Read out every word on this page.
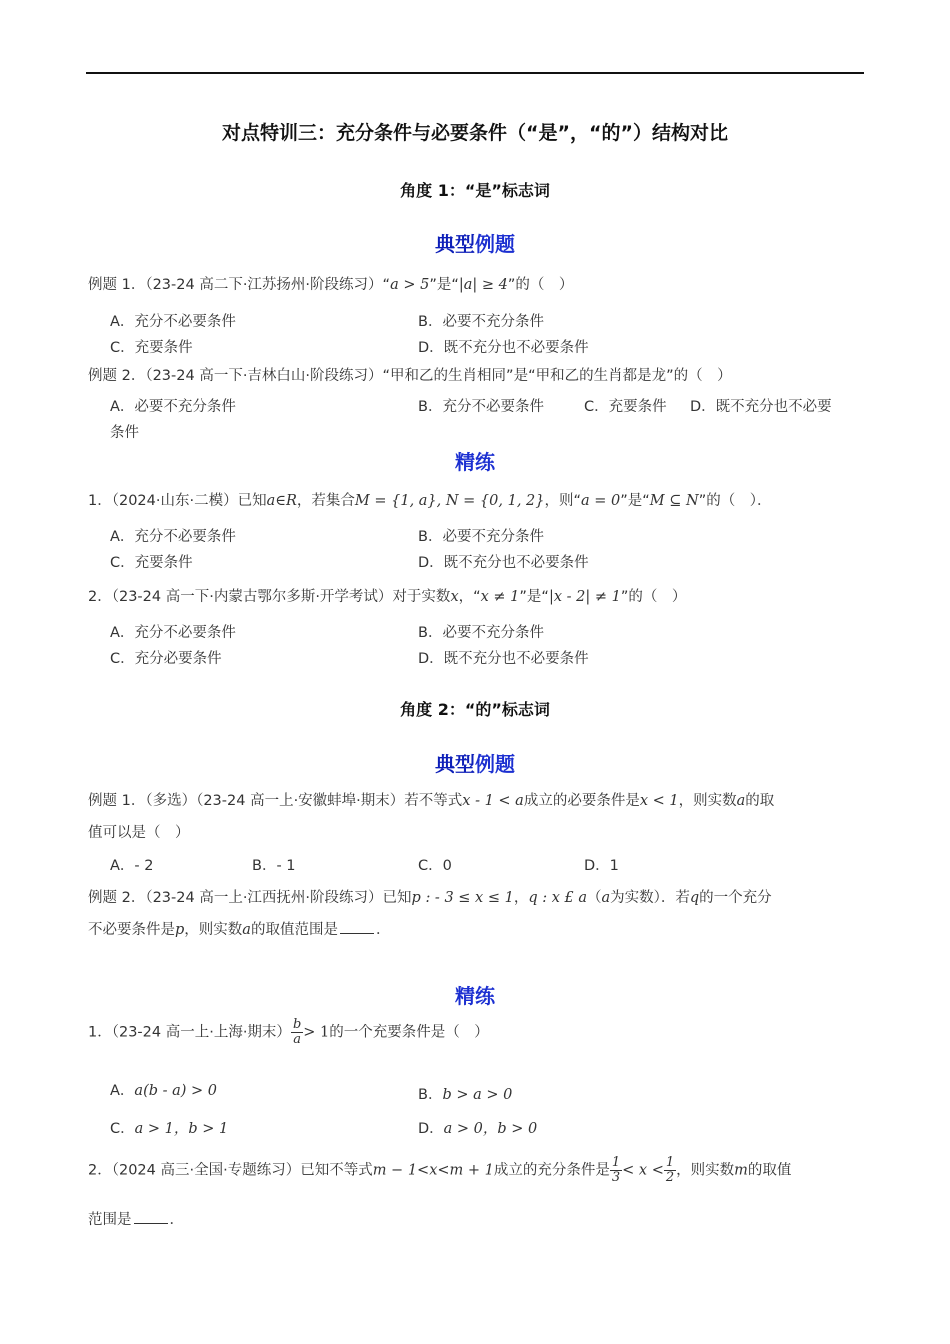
对点特训三：充分条件与必要条件（“是”，“的”）结构对比
角度 1：“是”标志词
典型例题
例题 1．（23-24 高二下·江苏扬州·阶段练习）“a > 5”是“|a| ≥ 4”的（　）
A．充分不必要条件	B．必要不充分条件
C．充要条件	D．既不充分也不必要条件
例题 2．（23-24 高一下·吉林白山·阶段练习）“甲和乙的生肖相同”是“甲和乙的生肖都是龙”的（　）
A．必要不充分条件	B．充分不必要条件	C．充要条件 D．既不充分也不必要
条件
精练
1．（2024·山东·二模）已知a∈R，若集合M = {1, a}, N = {0, 1, 2}，则“a = 0”是“M ⊆ N”的（　）．
A．充分不必要条件	B．必要不充分条件
C．充要条件	D．既不充分也不必要条件
2．（23-24 高一下·内蒙古鄂尔多斯·开学考试）对于实数x，“x ≠ 1”是“|x - 2| ≠ 1”的（　）
A．充分不必要条件	B．必要不充分条件
C．充分必要条件	D．既不充分也不必要条件
角度 2：“的”标志词
典型例题
例题 1．（多选）（23-24 高一上·安徽蚌埠·期末）若不等式x - 1 < a成立的必要条件是x < 1，则实数a的取
值可以是（　）
A．- 2	B．- 1	C．0	D．1
例题 2．（23-24 高一上·江西抚州·阶段练习）已知p : - 3 ≤ x ≤ 1，q : x £ a（a为实数）．若q的一个充分
不必要条件是p，则实数a的取值范围是	．
精练
1．（23-24 高一上·上海·期末） $\frac{b}{a} > 1$的一个充要条件是（　）
A．a(b - a) > 0	B．b > a > 0
C．a > 1，b > 1	D．a > 0，b > 0
2．（2024 高三·全国·专题练习）已知不等式m − 1<x<m + 1成立的充分条件是 $\frac{1}{3} < x < \frac{1}{2}$ ，则实数m的取值
范围是	．
